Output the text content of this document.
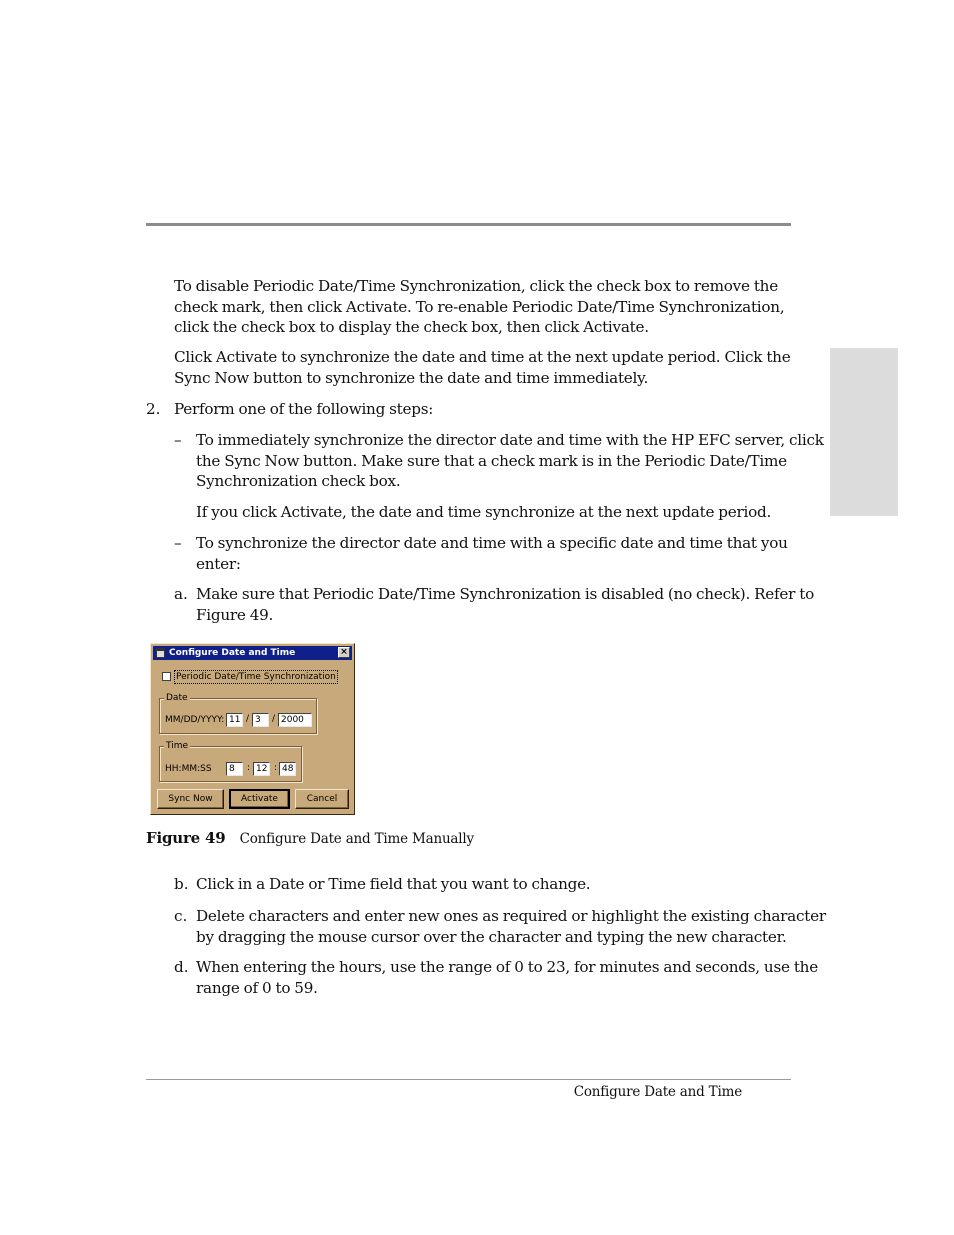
To disable Periodic Date/Time Synchronization, click the check box to remove the
check mark, then click Activate. To re-enable Periodic Date/Time Synchronization,
click the check box to display the check box, then click Activate.

Click Activate to synchronize the date and time at the next update period. Click the
Sync Now button to synchronize the date and time immediately.

2. Perform one of the following steps:

– To immediately synchronize the director date and time with the HP EFC server, click
the Sync Now button. Make sure that a check mark is in the Periodic Date/Time
Synchronization check box.

If you click Activate, the date and time synchronize at the next update period.

– To synchronize the director date and time with a specific date and time that you
enter:

a. Make sure that Periodic Date/Time Synchronization is disabled (no check). Refer to
Figure 49.

Configure Date and Time	×
Periodic Date/Time Synchronization
Date
MM/DD/YYYY: 11 / 3	/ 2000
Time
HH:MM:SS	8	: 12 : 48
Sync Now	Activate	Cancel
Figure 49 Configure Date and Time Manually

b. Click in a Date or Time field that you want to change.

c. Delete characters and enter new ones as required or highlight the existing character
by dragging the mouse cursor over the character and typing the new character.

d. When entering the hours, use the range of 0 to 23, for minutes and seconds, use the
range of 0 to 59.

Configure Date and Time
